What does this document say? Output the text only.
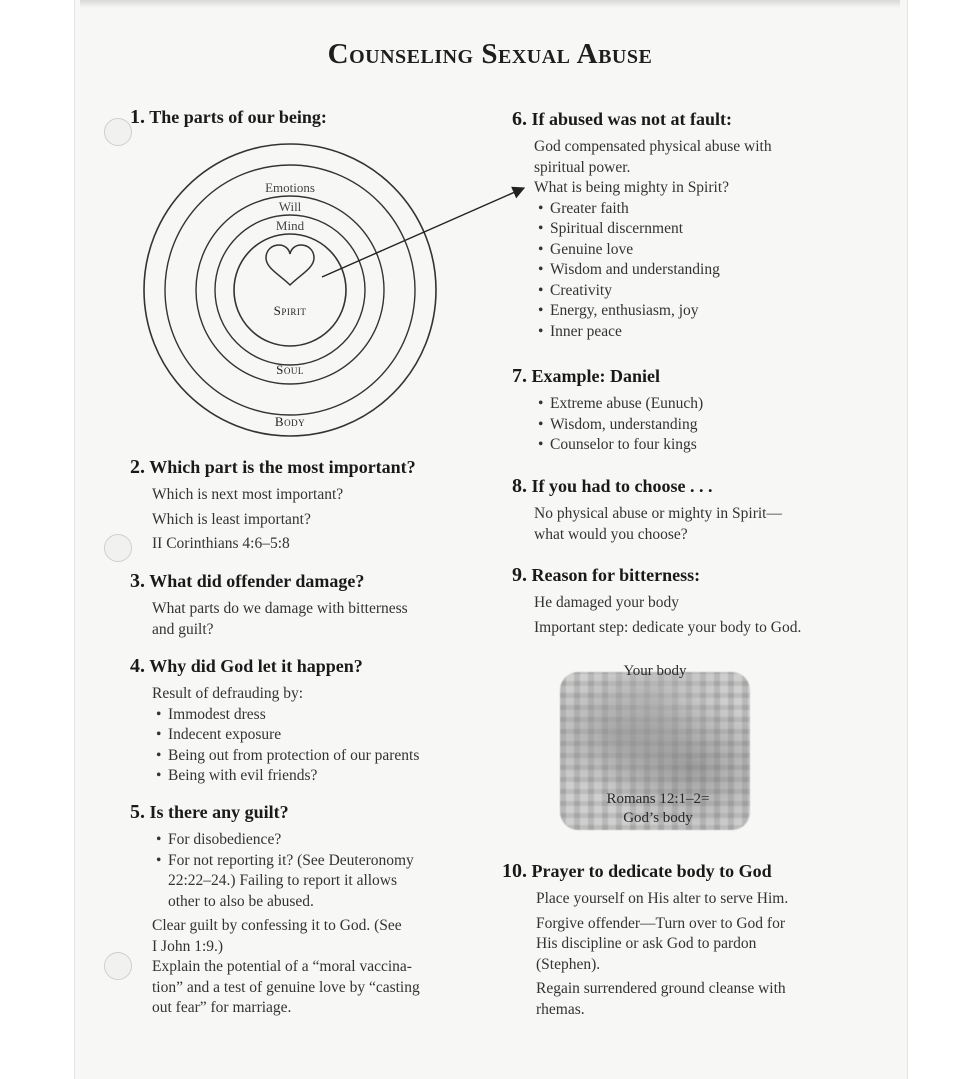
Counseling Sexual Abuse
1. The parts of our being:
Emotions
Will
Mind
Spirit
Soul
Body
2. Which part is the most important?
Which is next most important?
Which is least important?
II Corinthians 4:6–5:8
3. What did offender damage?
What parts do we damage with bitterness
and guilt?
4. Why did God let it happen?
Result of defrauding by:
• Immodest dress
• Indecent exposure
• Being out from protection of our parents
• Being with evil friends?
5. Is there any guilt?
• For disobedience?
• For not reporting it? (See Deuteronomy
22:22–24.) Failing to report it allows
other to also be abused.
Clear guilt by confessing it to God. (See
I John 1:9.)
Explain the potential of a “moral vaccina-
tion” and a test of genuine love by “casting
out fear” for marriage.
6. If abused was not at fault:
God compensated physical abuse with
spiritual power.
What is being mighty in Spirit?
• Greater faith
• Spiritual discernment
• Genuine love
• Wisdom and understanding
• Creativity
• Energy, enthusiasm, joy
• Inner peace
7. Example: Daniel
• Extreme abuse (Eunuch)
• Wisdom, understanding
• Counselor to four kings
8. If you had to choose . . .
No physical abuse or mighty in Spirit—
what would you choose?
9. Reason for bitterness:
He damaged your body
Important step: dedicate your body to God.
Your body
Romans 12:1–2=
God’s body
10. Prayer to dedicate body to God
Place yourself on His alter to serve Him.
Forgive offender—Turn over to God for
His discipline or ask God to pardon
(Stephen).
Regain surrendered ground cleanse with
rhemas.
